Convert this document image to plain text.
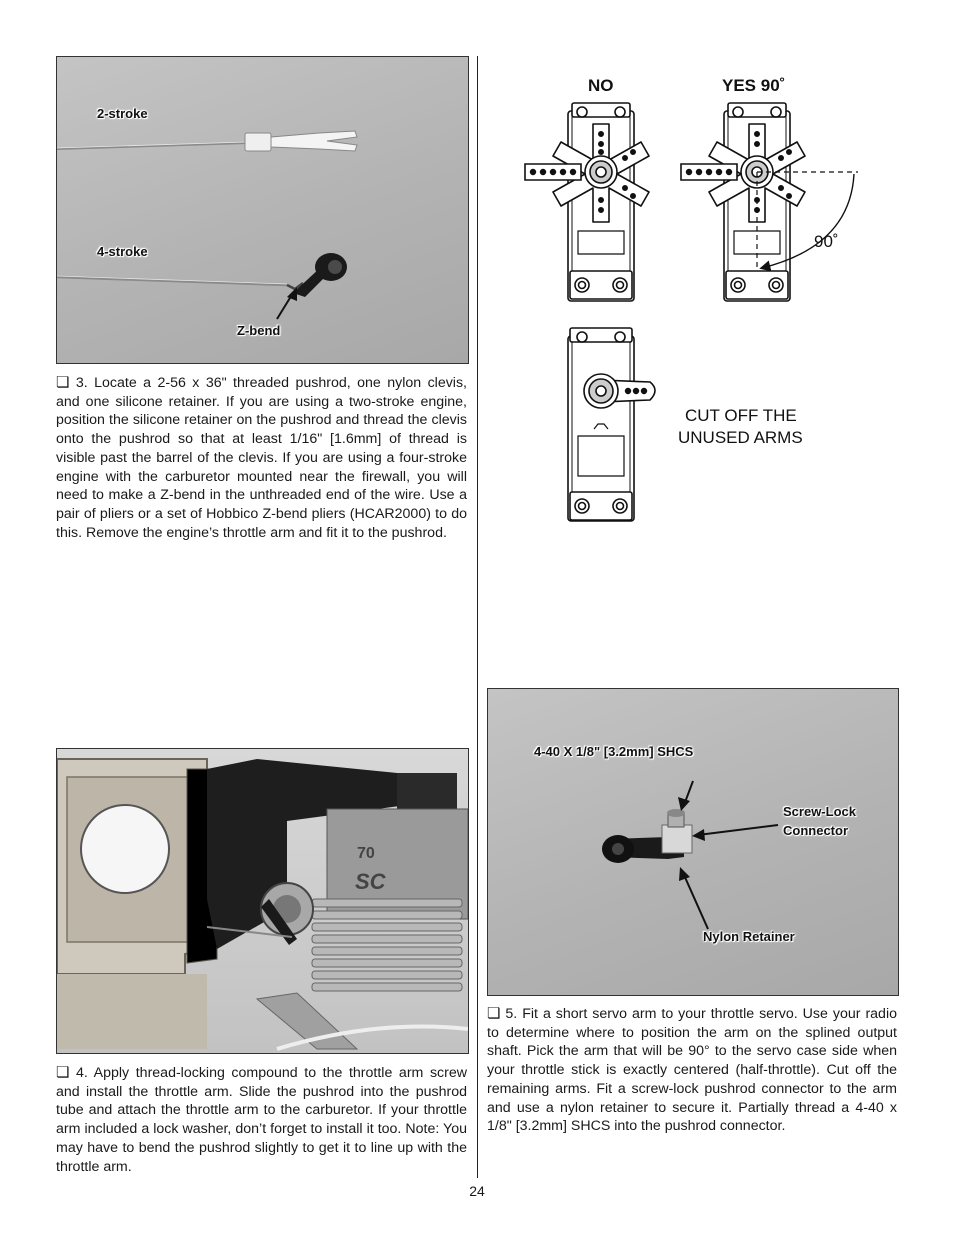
2-stroke
4-stroke
Z-bend

❏ 3. Locate a 2-56 x 36" threaded pushrod, one nylon clevis, and one silicone retainer. If you are using a two-stroke engine, position the silicone retainer on the pushrod and thread the clevis onto the pushrod so that at least 1/16" [1.6mm] of thread is visible past the barrel of the clevis. If you are using a four-stroke engine with the carburetor mounted near the firewall, you will need to make a Z-bend in the unthreaded end of the wire. Use a pair of pliers or a set of Hobbico Z-bend pliers (HCAR2000) to do this. Remove the engine’s throttle arm and fit it to the pushrod.

NO	YES 90˚
90˚
CUT OFF THE
UNUSED ARMS
SC
70

❏ 4. Apply thread-locking compound to the throttle arm screw and install the throttle arm. Slide the pushrod into the pushrod tube and attach the throttle arm to the carburetor. If your throttle arm included a lock washer, don’t forget to install it too. Note: You may have to bend the pushrod slightly to get it to line up with the throttle arm.

4-40 X 1/8" [3.2mm] SHCS
Screw-Lock
Connector
Nylon Retainer

❏ 5. Fit a short servo arm to your throttle servo. Use your radio to determine where to position the arm on the splined output shaft. Pick the arm that will be 90° to the servo case side when your throttle stick is exactly centered (half-throttle). Cut off the remaining arms. Fit a screw-lock pushrod connector to the arm and use a nylon retainer to secure it. Partially thread a 4-40 x 1/8" [3.2mm] SHCS into the pushrod connector.

24
